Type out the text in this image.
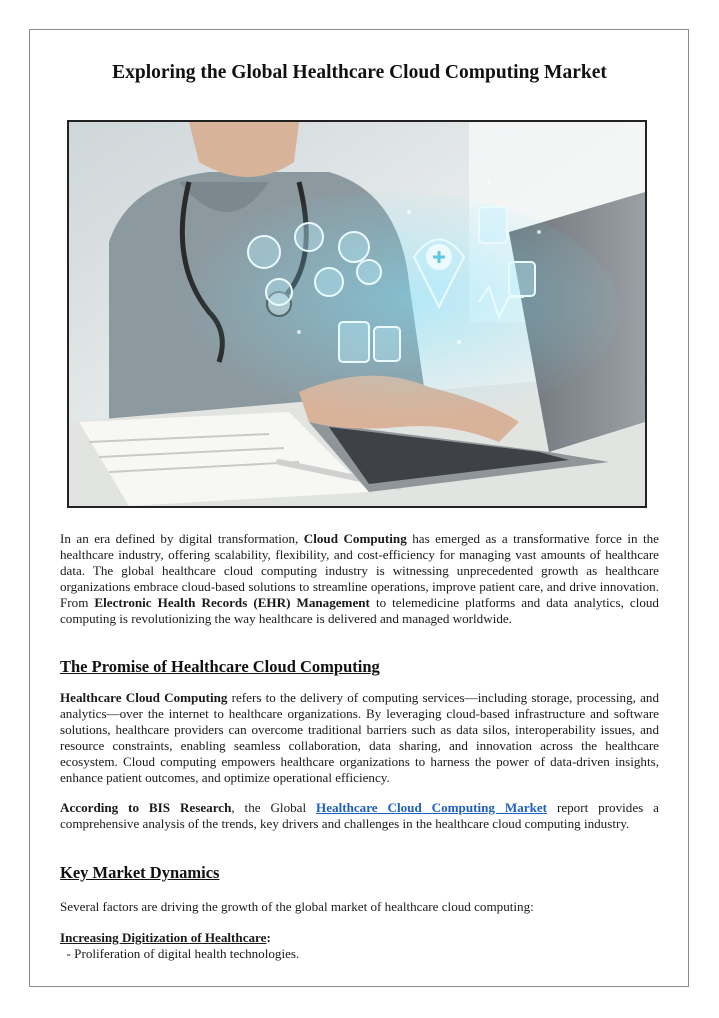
Exploring the Global Healthcare Cloud Computing Market
In an era defined by digital transformation, Cloud Computing has emerged as a transformative force in the healthcare industry, offering scalability, flexibility, and cost-efficiency for managing vast amounts of healthcare data. The global healthcare cloud computing industry is witnessing unprecedented growth as healthcare organizations embrace cloud-based solutions to streamline operations, improve patient care, and drive innovation. From Electronic Health Records (EHR) Management to telemedicine platforms and data analytics, cloud computing is revolutionizing the way healthcare is delivered and managed worldwide.
The Promise of Healthcare Cloud Computing
Healthcare Cloud Computing refers to the delivery of computing services—including storage, processing, and analytics—over the internet to healthcare organizations. By leveraging cloud-based infrastructure and software solutions, healthcare providers can overcome traditional barriers such as data silos, interoperability issues, and resource constraints, enabling seamless collaboration, data sharing, and innovation across the healthcare ecosystem. Cloud computing empowers healthcare organizations to harness the power of data-driven insights, enhance patient outcomes, and optimize operational efficiency.
According to BIS Research, the Global Healthcare Cloud Computing Market report provides a comprehensive analysis of the trends, key drivers and challenges in the healthcare cloud computing industry.
Key Market Dynamics
Several factors are driving the growth of the global market of healthcare cloud computing:
Increasing Digitization of Healthcare:
- Proliferation of digital health technologies.
